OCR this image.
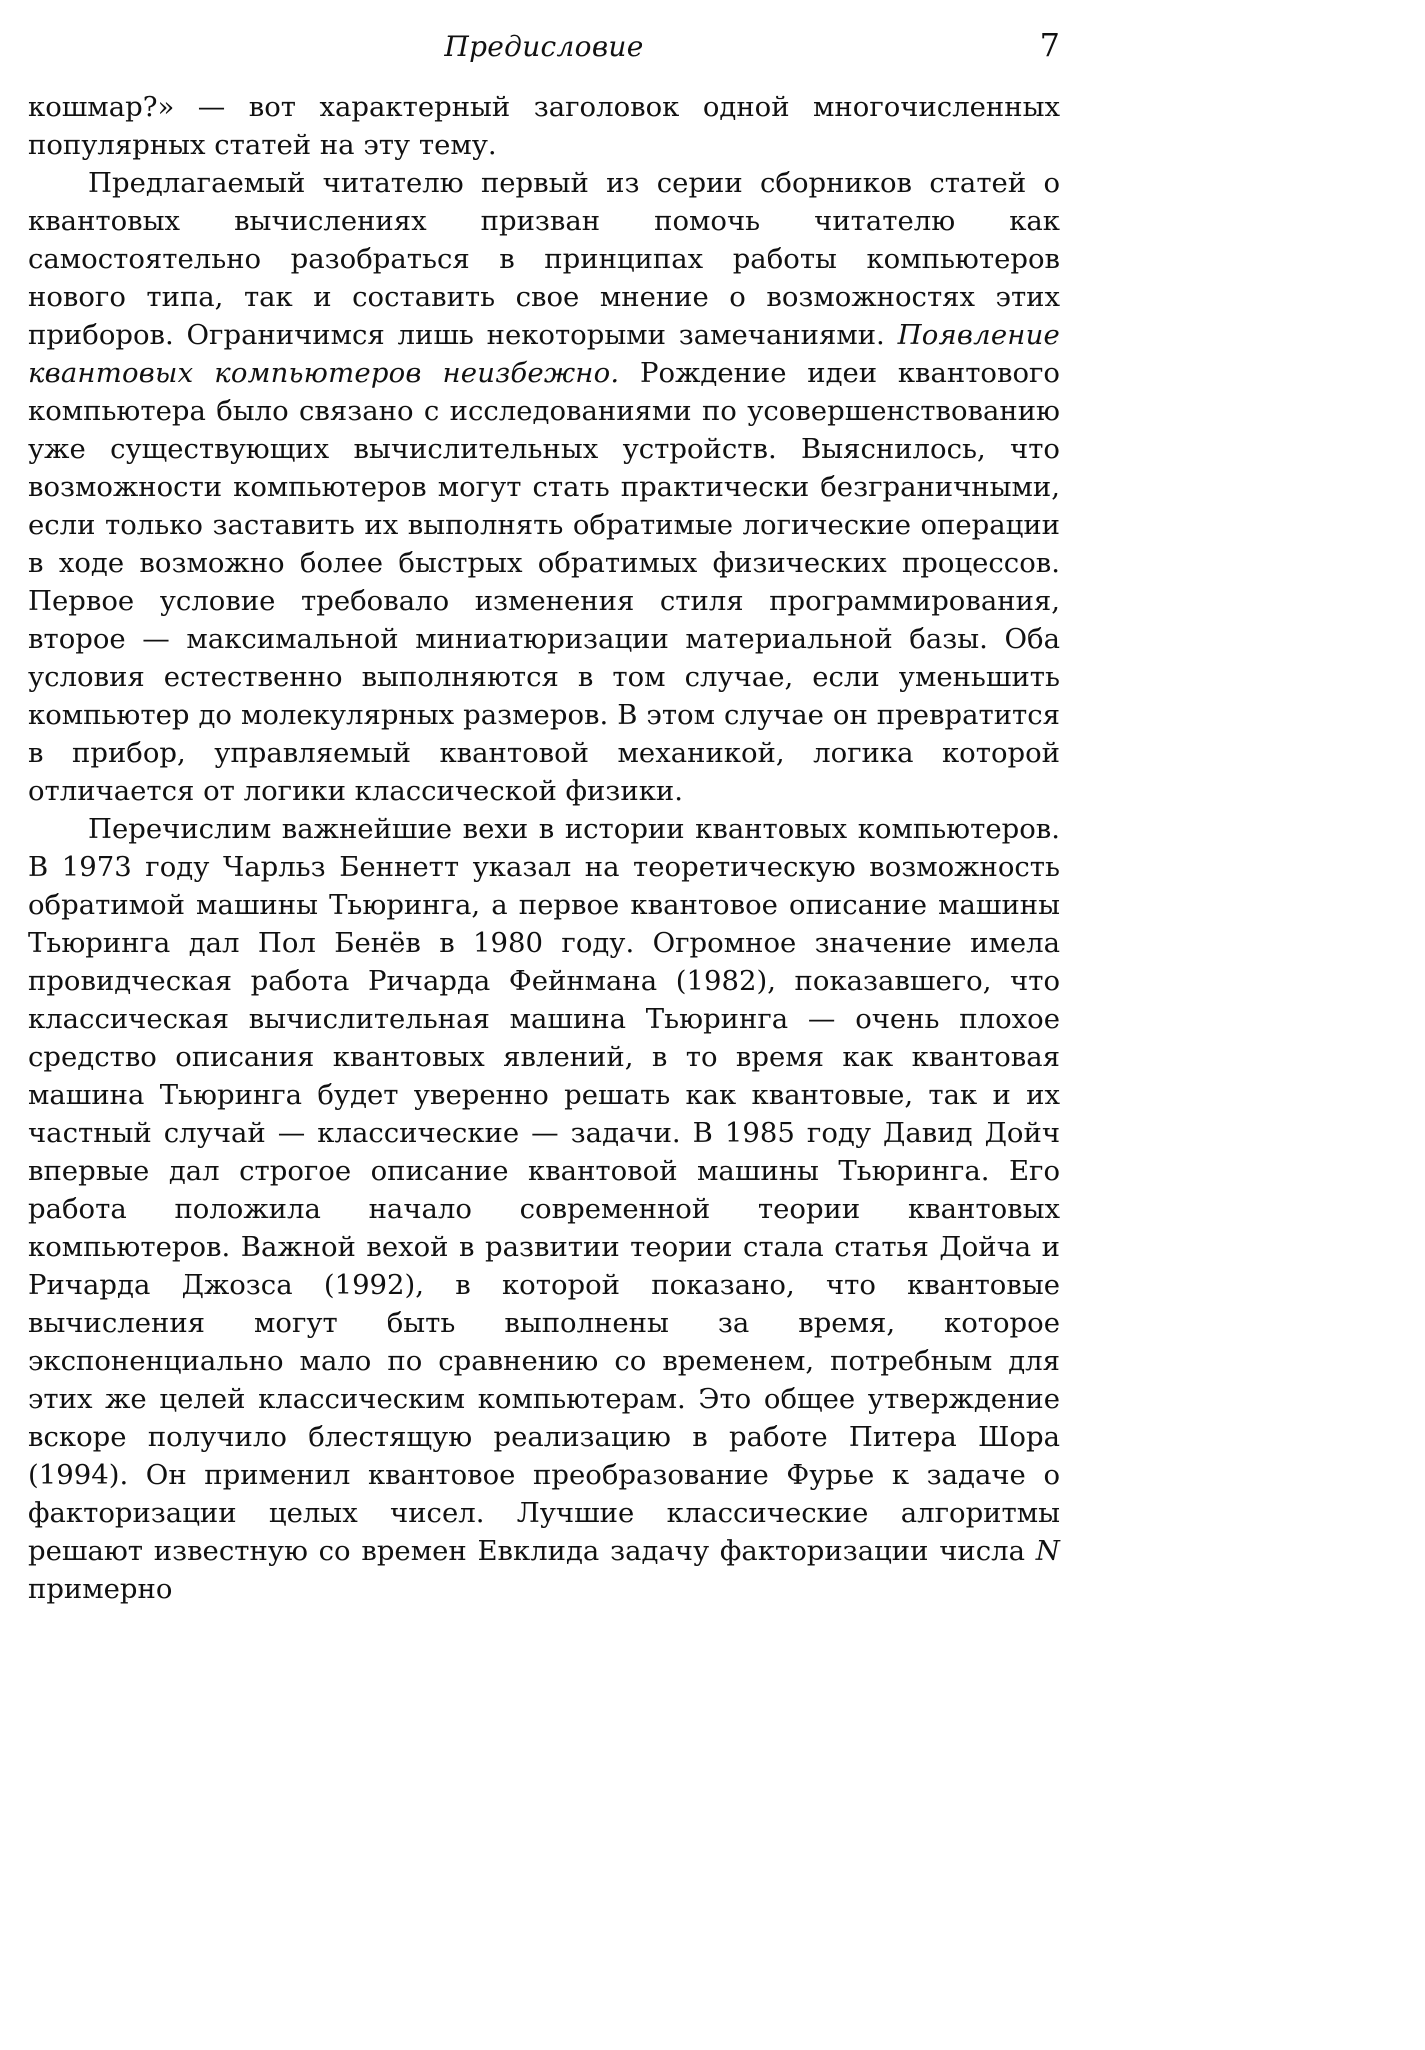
Предисловие	7

кошмар?» — вот характерный заголовок одной многочисленных популярных статей на эту тему.

Предлагаемый читателю первый из серии сборников статей о квантовых вычислениях призван помочь читателю как самостоятельно разобраться в принципах работы компьютеров нового типа, так и составить свое мнение о возможностях этих приборов. Ограничимся лишь некоторыми замечаниями. Появление квантовых компьютеров неизбежно. Рождение идеи квантового компьютера было связано с исследованиями по усовершенствованию уже существующих вычислительных устройств. Выяснилось, что возможности компьютеров могут стать практически безграничными, если только заставить их выполнять обратимые логические операции в ходе возможно более быстрых обратимых физических процессов. Первое условие требовало изменения стиля программирования, второе — максимальной миниатюризации материальной базы. Оба условия естественно выполняются в том случае, если уменьшить компьютер до молекулярных размеров. В этом случае он превратится в прибор, управляемый квантовой механикой, логика которой отличается от логики классической физики.

Перечислим важнейшие вехи в истории квантовых компьютеров. В 1973 году Чарльз Беннетт указал на теоретическую возможность обратимой машины Тьюринга, а первое квантовое описание машины Тьюринга дал Пол Бенёв в 1980 году. Огромное значение имела провидческая работа Ричарда Фейнмана (1982), показавшего, что классическая вычислительная машина Тьюринга — очень плохое средство описания квантовых явлений, в то время как квантовая машина Тьюринга будет уверенно решать как квантовые, так и их частный случай — классические — задачи. В 1985 году Давид Дойч впервые дал строгое описание квантовой машины Тьюринга. Его работа положила начало современной теории квантовых компьютеров. Важной вехой в развитии теории стала статья Дойча и Ричарда Джозса (1992), в которой показано, что квантовые вычисления могут быть выполнены за время, которое экспоненциально мало по сравнению со временем, потребным для этих же целей классическим компьютерам. Это общее утверждение вскоре получило блестящую реализацию в работе Питера Шора (1994). Он применил квантовое преобразование Фурье к задаче о факторизации целых чисел. Лучшие классические алгоритмы решают известную со времен Евклида задачу факторизации числа N примерно
